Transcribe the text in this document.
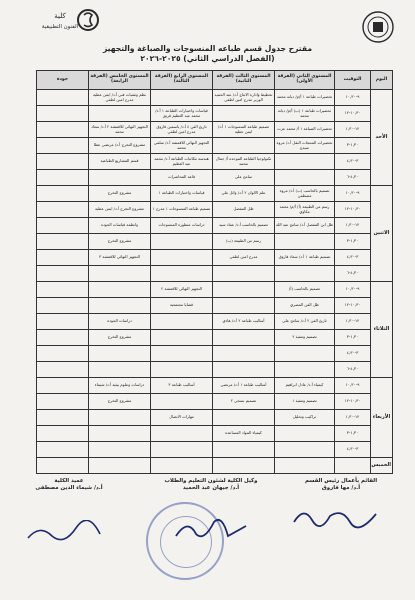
كلية
الفنون التطبيقية
مقترح جدول قسم طباعه المنسوجات والصباغة والتجهيز
(الفصل الدراسي الثاني) ٢٠٢٥-٢٠٢٦
اليوم	التوقيت	المستوى الثاني (الفرقة الأولى)	المستوى الثالث (الفرقة الثانية)	المستوى الرابع (الفرقة الثالثة)	المستوى الخامس (الفرقة الرابعة)	جودة
الأحد	٩-١٠,٣٠	تحضيرات طباعة ١ أ/م/ ديانه محمد	تخطيط وادارة الانتاج أ.د/ عبد الحميد الوزير مدرج امين لطفي		نظم وتقنيات فني أ.د/ ايمن عطية مدرج امين لطفي	
	١٠,٣٠-١٢	تحضيرات طباعة ١ (ب) أ/م/ ديانه محمد		قياسات واختبارات الطباعة ١ أ.د/ محمد عبد العظيم فريق		
	١٢-١,٣٠	تحضيرات الصباغة ١ أ/ محمد عزت	تصميم طباعه المنسوجات ١ أ.د/ ايمن عطية	تاريخ الفن ٤ أ.د/ ياسمين فاروق مدرج امين لطفي	التجهيز النهائي للاقمشة ٢ أ.د/ سعاد محمد	
	١,٣٠-٣	تحضيرات المنتجات النقل أ.د/ مروة سيدع		التجهيز النهائي للاقمشة أ.د/ سلمي محمد	مشروع التخرج أ.د/ مرتضي عطا	
	٣-٤,٣٠		تكنولوجيا الطباعة الموحدة أ/ جمال محمد	هندسة مكاتبات الطباعه أ.د/ محمد عبد العظيم	قسم المشاريع الطباعية	
	٤,٣٠-٦		سامح علي	قاعة المحاضرات		
الاثنين	٩-١٠,٣٠	تصميم بالحاسب (ب) أ.د/ مروة مصطفي	علم الالوان ٢ أ.د/ وائل علي	قياسات واختبارات الطباعة ١	مشروع التخرج	
	١٠,٣٠-١٢	رسم من الطبيعة (أ) أ/م/ محمد مكاوي	ظل المفصل	تصميم طباعه المنسوجات ١ مدرج ١	مشروع التخرج أ.د/ ايمن عطية	
	١٢-١,٣٠	ظل ابن المفصل أ.د/ سامح عبد الله	تصميم بالحاسب أ.د/ عماد سيد	دراسات متطورة المنسوجات	وانظمة قياسات الجودة	
	١,٣٠-٣		رسم من الطبيعة (ب)		مشروع التخرج	
	٣-٤,٣٠	تصميم طباعة ١ أ.د/ سعاد فاروق	مدرج امين لطفي		التجهيز النهائي للاقمشة ٣	
	٤,٣٠-٦					
الثلاثاء	٩-١٠,٣٠	تصميم بالحاسب (أ)		التجهيز النهائي للاقمشة ٢		
	١٠,٣٠-١٢	ظل الفن المصري		قضايا مجتمعية		
	١٢-١,٣٠	تاريخ الفن ٢ أ.د/ سامح علي	أساليب طباعة ٢ أ.د/ هادي		دراسات الجودة	
	١,٣٠-٣	تصميم وتنفيذ ٢			مشروع التخرج	
	٣-٤,٣٠					
	٤,٣٠-٦					
الأربعاء	٩-١٠,٣٠	كيمياء أ.د/ عادل ابراهيم	أساليب طباعة ١ أ.د/ مرتضي	أساليب طباعة ٣	دراسات وعلوم بيئية أ.د/ شيماء	
	١٠,٣٠-١٢	تصميم وتنفيذ ١	تصميم نسجي ٢		مشروع التخرج	
	١٢-١,٣٠	تراكيب وتحليل		مهارات الاتصال		
	١,٣٠-٣		كيمياء المواد المساعدة			
	٣-٤,٣٠					
الخميس						
القائم بأعمال رئيس القسم
أ.د/ مها فاروق
وكيل الكلية لشئون التعليم والطلاب
أ.د/ جيهان عبد الحميد
عميد الكلية
أ.د/ شيماء الدين مصطفى
